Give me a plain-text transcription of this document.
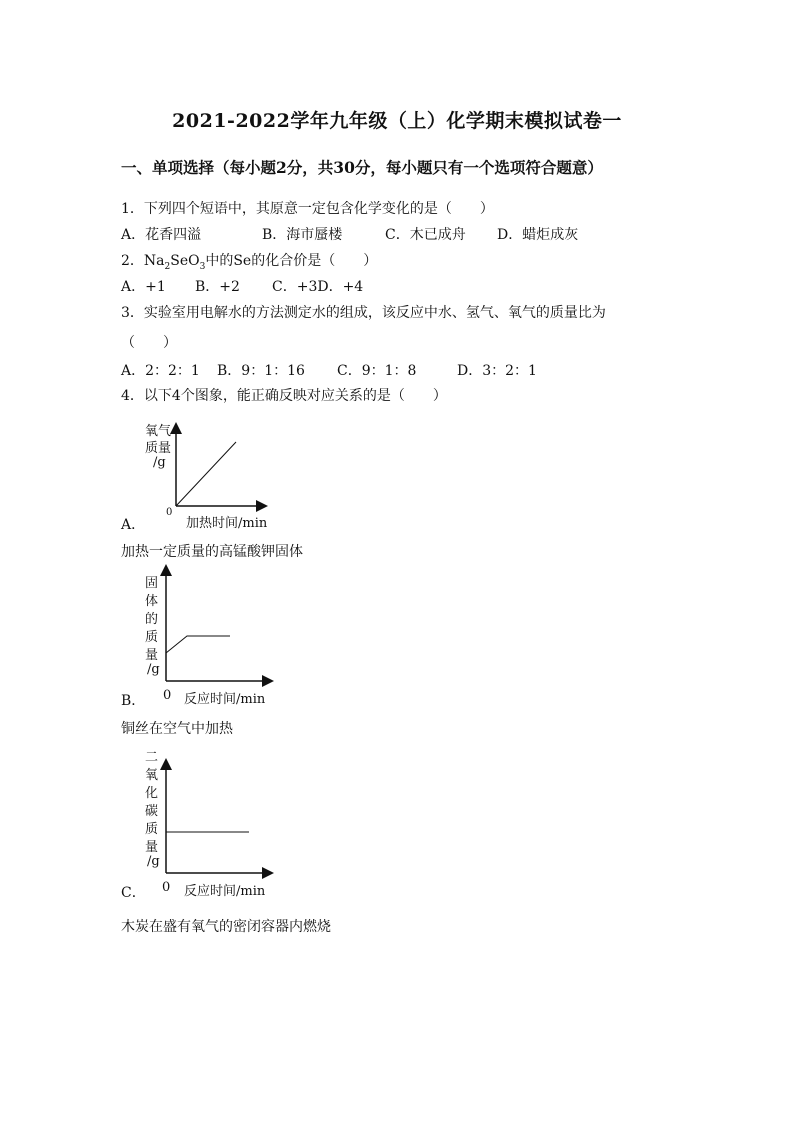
2021-2022学年九年级（上）化学期末模拟试卷一
一、单项选择（每小题2分，共30分，每小题只有一个选项符合题意）
1．下列四个短语中，其原意一定包含化学变化的是（　　）
A．花香四溢	B．海市蜃楼	C．木已成舟 D．蜡炬成灰
2．$Na_2SeO_3$中的Se的化合价是（　　）
A．+1 B．+2 C．+3D．+4
3．实验室用电解水的方法测定水的组成，该反应中水、氢气、氧气的质量比为
（　　）
A．2：2：1 B．9：1：16 C．9：1：8	D．3：2：1
4．以下4个图象，能正确反映对应关系的是（　　）
氧气
质量
/g
0
加热时间/min
A．
加热一定质量的高锰酸钾固体
固
体
的
质
量
/g
0 反应时间/min
B．
铜丝在空气中加热
二
氧
化
碳
质
量
/g
0 反应时间/min
C．
木炭在盛有氧气的密闭容器内燃烧
